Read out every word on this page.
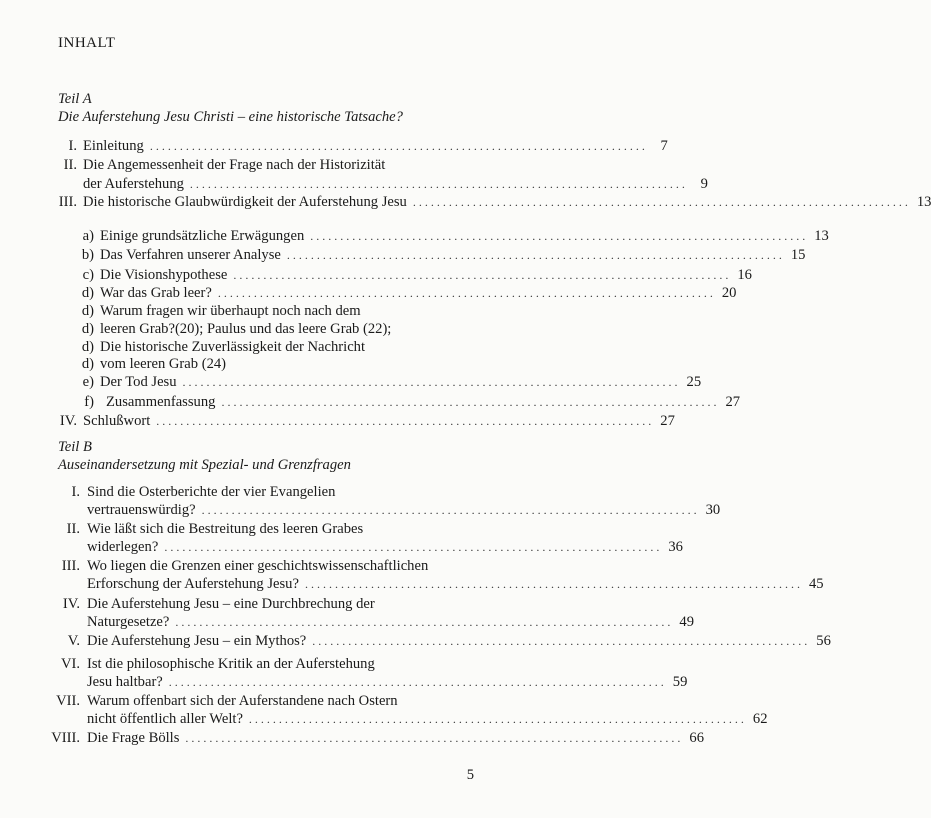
INHALT
Teil A
Die Auferstehung Jesu Christi – eine historische Tatsache?
I. Einleitung ................................................................................... 7
II. Die Angemessenheit der Frage nach der Historizität
der Auferstehung ................................................................................... 9
III. Die historische Glaubwürdigkeit der Auferstehung Jesu ................................................................................... 13
a) Einige grundsätzliche Erwägungen ................................................................................... 13
b) Das Verfahren unserer Analyse ................................................................................... 15
c) Die Visionshypothese ................................................................................... 16
d) War das Grab leer? ................................................................................... 20
d) Warum fragen wir überhaupt noch nach dem
d) leeren Grab?(20); Paulus und das leere Grab (22);
d) Die historische Zuverlässigkeit der Nachricht
d) vom leeren Grab (24)
e) Der Tod Jesu ................................................................................... 25
f) Zusammenfassung ................................................................................... 27
IV. Schlußwort ................................................................................... 27
Teil B
Auseinandersetzung mit Spezial- und Grenzfragen
I. Sind die Osterberichte der vier Evangelien
vertrauenswürdig? ................................................................................... 30
II. Wie läßt sich die Bestreitung des leeren Grabes
widerlegen? ................................................................................... 36
III. Wo liegen die Grenzen einer geschichtswissenschaftlichen
Erforschung der Auferstehung Jesu? ................................................................................... 45
IV. Die Auferstehung Jesu – eine Durchbrechung der
Naturgesetze? ................................................................................... 49
V. Die Auferstehung Jesu – ein Mythos? ................................................................................... 56
VI. Ist die philosophische Kritik an der Auferstehung
Jesu haltbar? ................................................................................... 59
VII. Warum offenbart sich der Auferstandene nach Ostern
nicht öffentlich aller Welt? ................................................................................... 62
VIII. Die Frage Bölls ................................................................................... 66
5
